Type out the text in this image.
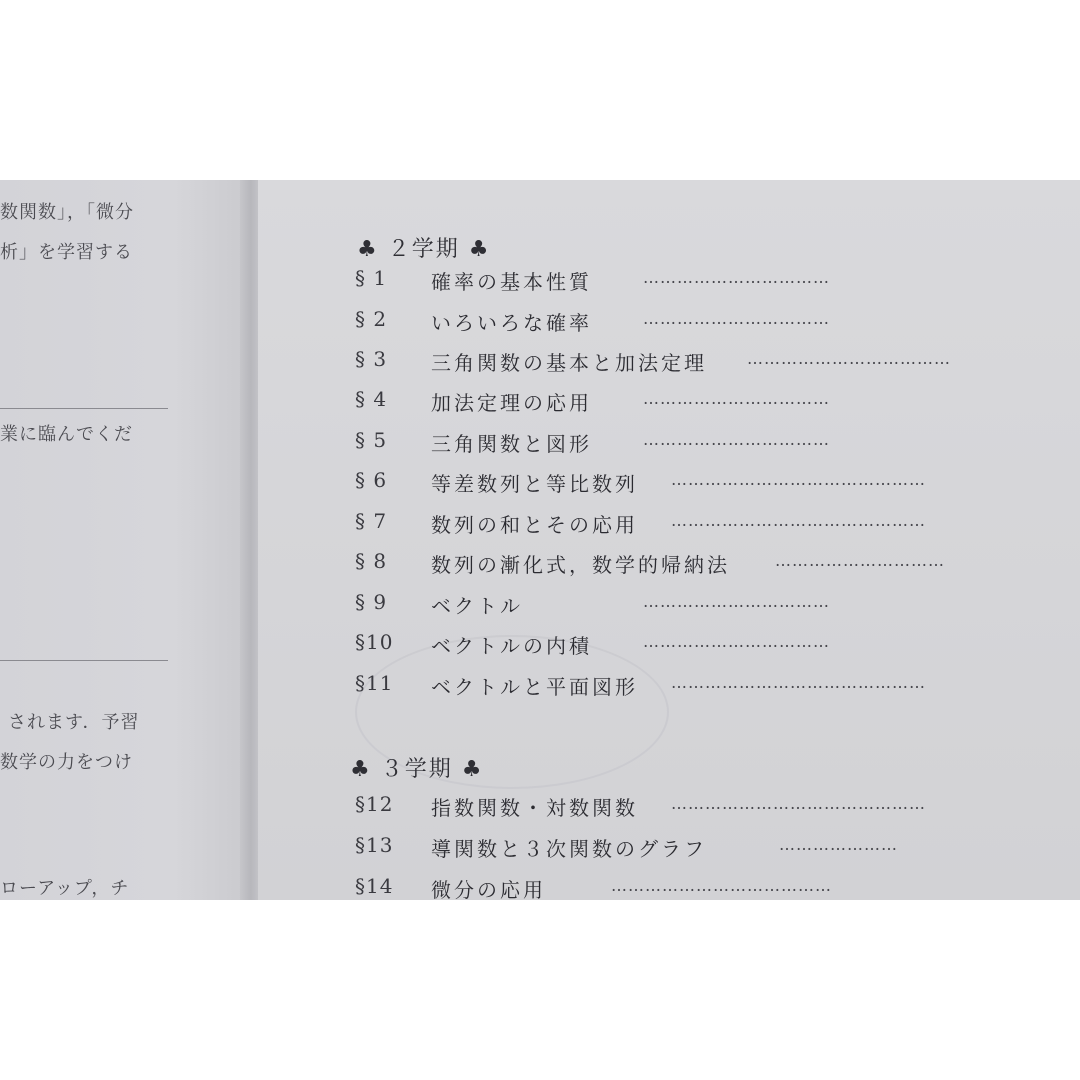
数関数」，「微分
析」を学習する
業に臨んでくだ
されます．予習
数学の力をつけ
ローアップ，チ
♣ ２学期 ♣
§ 1 確率の基本性質	……………………………
§ 2 いろいろな確率	……………………………
§ 3 三角関数の基本と加法定理	………………………………
§ 4 加法定理の応用	……………………………
§ 5 三角関数と図形	……………………………
§ 6 等差数列と等比数列 ………………………………………
§ 7 数列の和とその応用 ………………………………………
§ 8 数列の漸化式，数学的帰納法	…………………………
§ 9 ベクトル	……………………………
§10 ベクトルの内積	……………………………
§11 ベクトルと平面図形 ………………………………………
♣ ３学期 ♣
§12 指数関数・対数関数 ………………………………………
§13 導関数と３次関数のグラフ	…………………
§14 微分の応用	…………………………………
